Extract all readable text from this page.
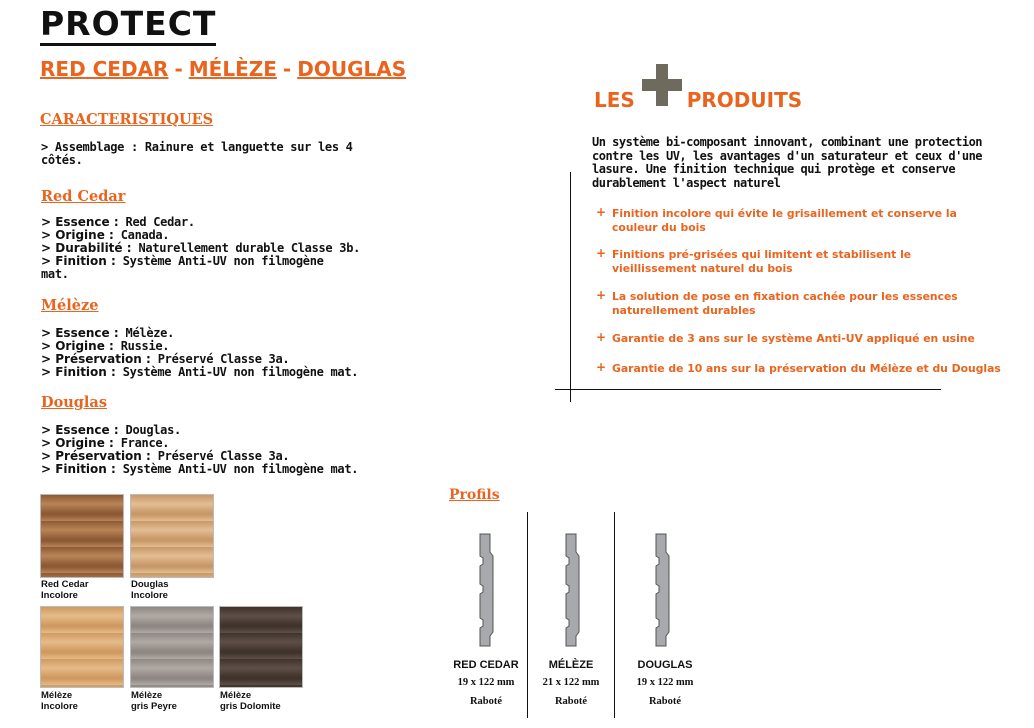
PROTECT
RED CEDAR - MÉLÈZE - DOUGLAS
CARACTERISTIQUES
> Assemblage : Rainure et languette sur les 4
côtés.
Red Cedar
> Essence : Red Cedar.
> Origine : Canada.
> Durabilité : Naturellement durable Classe 3b.
> Finition : Système Anti-UV non filmogène
mat.
Mélèze
> Essence : Mélèze.
> Origine : Russie.
> Préservation : Préservé Classe 3a.
> Finition : Système Anti-UV non filmogène mat.
Douglas
> Essence : Douglas.
> Origine : France.
> Préservation : Préservé Classe 3a.
> Finition : Système Anti-UV non filmogène mat.
LES	PRODUITS
Un système bi-composant innovant, combinant une protection
contre les UV, les avantages d'un saturateur et ceux d'une
lasure. Une finition technique qui protège et conserve
durablement l'aspect naturel
+ Finition incolore qui évite le grisaillement et conserve la
couleur du bois
+ Finitions pré-grisées qui limitent et stabilisent le
vieillissement naturel du bois
+ La solution de pose en fixation cachée pour les essences
naturellement durables
+ Garantie de 3 ans sur le système Anti-UV appliqué en usine
+ Garantie de 10 ans sur la préservation du Mélèze et du Douglas
Red Cedar
Incolore
Douglas
Incolore
Mélèze
Incolore
Mélèze
gris Peyre
Mélèze
gris Dolomite
Profils
RED CEDAR
19 x 122 mm
Raboté
MÉLÈZE
21 x 122 mm
Raboté
DOUGLAS
19 x 122 mm
Raboté
